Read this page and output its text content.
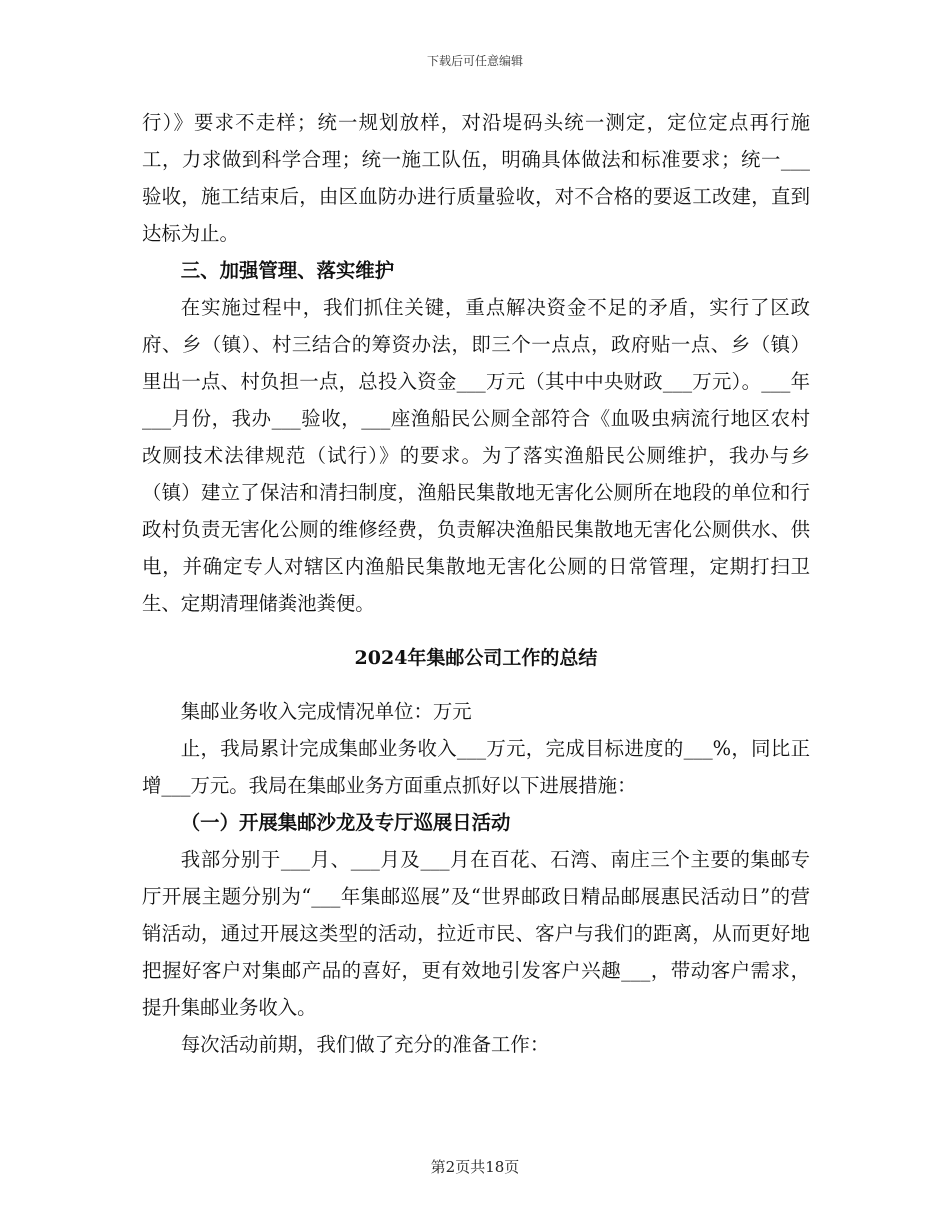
下载后可任意编辑

行）》要求不走样；统一规划放样，对沿堤码头统一测定，定位定点再行施工，力求做到科学合理；统一施工队伍，明确具体做法和标准要求；统一___验收，施工结束后，由区血防办进行质量验收，对不合格的要返工改建，直到达标为止。

三、加强管理、落实维护

在实施过程中，我们抓住关键，重点解决资金不足的矛盾，实行了区政府、乡（镇）、村三结合的筹资办法，即三个一点点，政府贴一点、乡（镇）里出一点、村负担一点，总投入资金___万元（其中中央财政___万元）。___年___月份，我办___验收，___座渔船民公厕全部符合《血吸虫病流行地区农村改厕技术法律规范（试行）》的要求。为了落实渔船民公厕维护，我办与乡（镇）建立了保洁和清扫制度，渔船民集散地无害化公厕所在地段的单位和行政村负责无害化公厕的维修经费，负责解决渔船民集散地无害化公厕供水、供电，并确定专人对辖区内渔船民集散地无害化公厕的日常管理，定期打扫卫生、定期清理储粪池粪便。

2024年集邮公司工作的总结

集邮业务收入完成情况单位：万元

止，我局累计完成集邮业务收入___万元，完成目标进度的___%，同比正增___万元。我局在集邮业务方面重点抓好以下进展措施：

（一）开展集邮沙龙及专厅巡展日活动

我部分别于___月、___月及___月在百花、石湾、南庄三个主要的集邮专厅开展主题分别为“___年集邮巡展”及“世界邮政日精品邮展惠民活动日”的营销活动，通过开展这类型的活动，拉近市民、客户与我们的距离，从而更好地把握好客户对集邮产品的喜好，更有效地引发客户兴趣___，带动客户需求，提升集邮业务收入。

每次活动前期，我们做了充分的准备工作：

第2页共18页
